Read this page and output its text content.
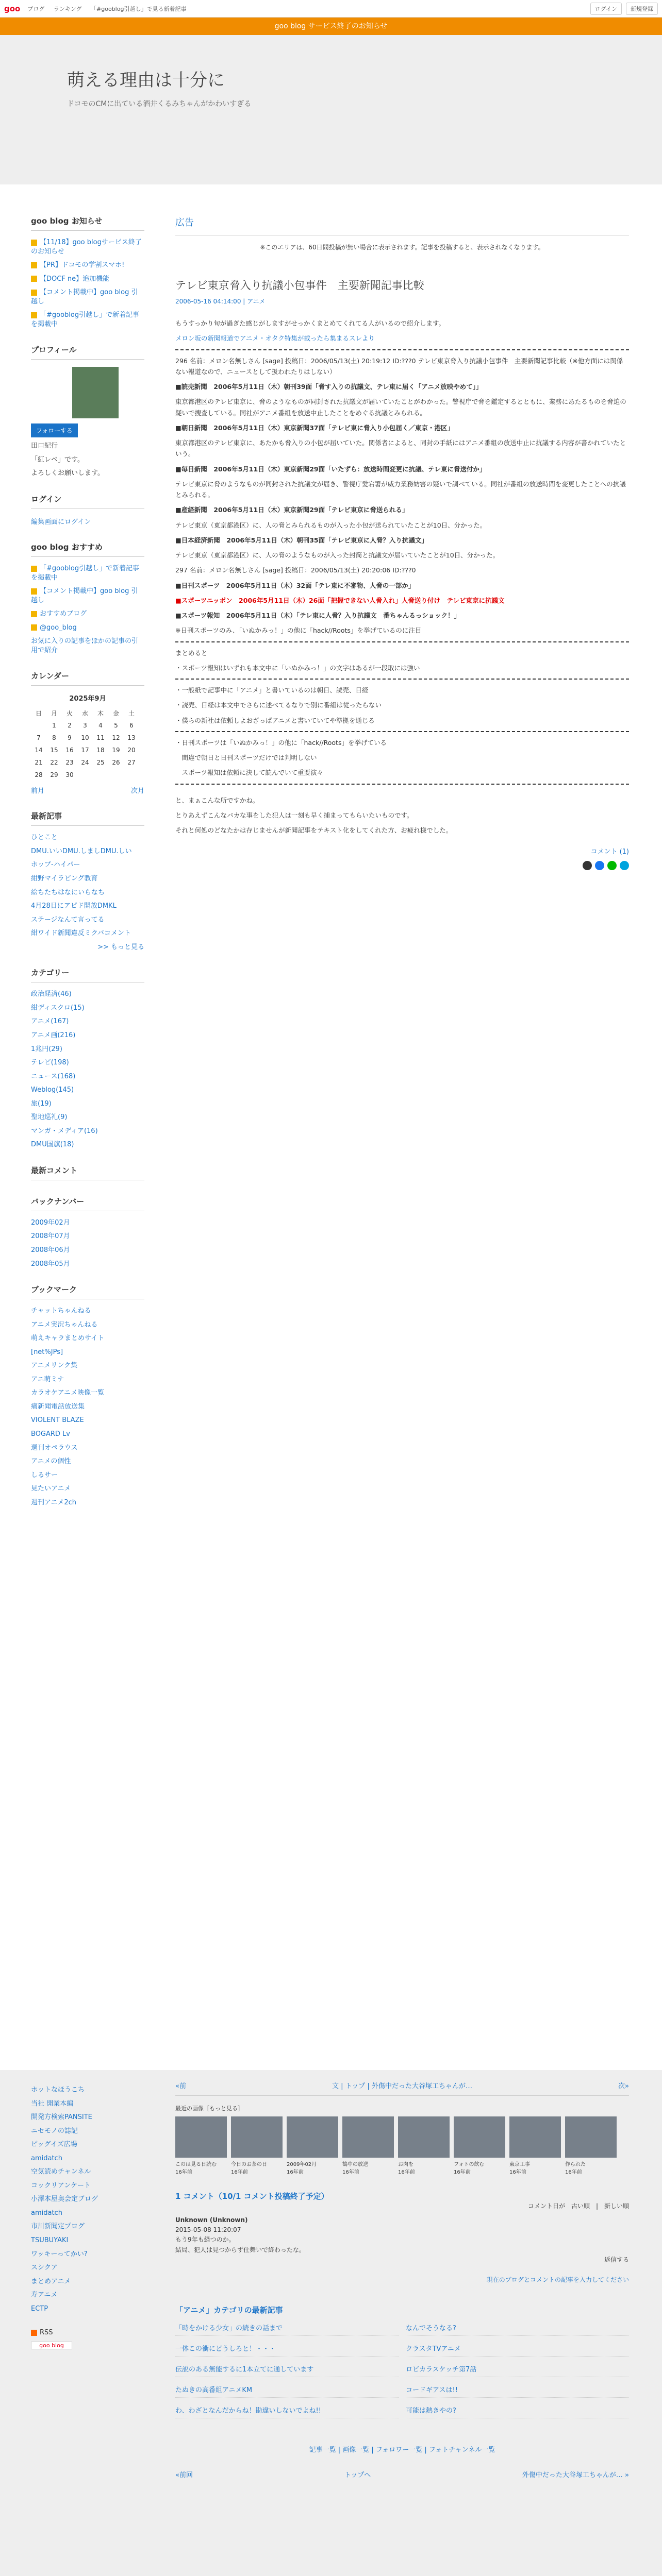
goo ブログ ランキング 「#gooblog引越し」で見る新着記事	ログイン	新規登録
goo blog サービス終了のお知らせ
萌える理由は十分に

ドコモのCMに出ている酒井くるみちゃんがかわいすぎる

goo blog お知らせ
【11/18】goo blogサービス終了のお知らせ
【PR】ドコモの学割スマホ!
【DOCF ne】追加機能
【コメント掲載中】goo blog 引越し
「#gooblog引越し」で新着記事を掲載中
プロフィール
フォローする
田口紀行
「紅レベ」です。
よろしくお願いします。
ログイン
編集画面にログイン
goo blog おすすめ
「#gooblog引越し」で新着記事を掲載中
【コメント掲載中】goo blog 引越し
おすすめブログ
@goo_blog
お気に入りの記事をほかの記事の引用で紹介
カレンダー
2025年9月
日	月	火	水	木	金	土
	1	2	3	4	5	6
7	8	9	10	11	12	13
14	15	16	17	18	19	20
21	22	23	24	25	26	27
28	29	30				
前月	次月
最新記事
ひとこと
DMU.いいDMU.しましDMU.しい
ホップ-ハイパー
紺野マイラビング教育
絵ちたちはなにいらなち
4月28日にアピド開放DMKL
ステージなんて言ってる
紺ワイド新聞違反ミクバコメント
>> もっと見る
カテゴリー
政治経済(46)
紺ディスクロ(15)
アニメ(167)
アニメ画(216)
1兆円(29)
テレビ(198)
ニュース(168)
Weblog(145)
旅(19)
聖地巡礼(9)
マンガ・メディア(16)
DMU国旗(18)
最新コメント
バックナンバー
2009年02月
2008年07月
2008年06月
2008年05月
ブックマーク
チャットちゃんねる
アニメ実況ちゃんねる
萌えキャラまとめサイト
[net%JPs]
アニメリンク集
アニ萌ミナ
カラオケアニメ映像一覧
痛新聞電話放送集
VIOLENT BLAZE
BOGARD Lv
週刊オペラウス
アニメの個性
しるサー
見たいアニメ
週刊アニメ2ch
広告

※このエリアは、60日間投稿が無い場合に表示されます。記事を投稿すると、表示されなくなります。

テレビ東京脅入り抗議小包事件　主要新聞記事比較
2006-05-16 04:14:00 | アニメ

もうすっかり旬が過ぎた感じがしますがせっかくまとめてくれてる人がいるので紹介します。

メロン坂の新聞報道でアニメ・オタク特集が載ったら集まるスレより

296 名前：メロン名無しさん [sage] 投稿日：2006/05/13(土) 20:19:12 ID:???0 テレビ東京脅入り抗議小包事件　主要新聞記事比較（※他方面には関係ない報道なので、ニュースとして扱われたりはしない）

■読売新聞　2006年5月11日（木）朝刊39面「脅す入りの抗議文、テレ東に届く「アニメ放映やめて」」

東京都港区のテレビ東京に、脅のようなものが同封された抗議文が届いていたことがわかった。警視庁で脅を鑑定するとともに、業務にあたるものを脅迫の疑いで捜査している。同社がアニメ番組を放送中止したことをめぐる抗議とみられる。

■朝日新聞　2006年5月11日（木）東京新聞37面「テレビ東に脅入り小包届く／東京・港区」

東京都港区のテレビ東京に、あたかも脅入りの小包が届いていた。関係者によると、同封の手紙にはアニメ番組の放送中止に抗議する内容が書かれていたという。

■毎日新聞　2006年5月11日（木）東京新聞29面「いたずら：放送時間変更に抗議、テレ東に脅送付か」

テレビ東京に脅のようなものが同封された抗議文が届き、警視庁愛宕署が威力業務妨害の疑いで調べている。同社が番組の放送時間を変更したことへの抗議とみられる。

■産経新聞　2006年5月11日（木）東京新聞29面「テレビ東京に脅送られる」

テレビ東京（東京都港区）に、人の脅とみられるものが入った小包が送られていたことが10日、分かった。

■日本経済新聞　2006年5月11日（木）朝刊35面「テレビ東京に人脅？入り抗議文」

テレビ東京（東京都港区）に、人の脅のようなものが入った封筒と抗議文が届いていたことが10日、分かった。

297 名前：メロン名無しさん [sage] 投稿日：2006/05/13(土) 20:20:06 ID:???0

■日刊スポーツ　2006年5月11日（木）32面「テレ東に不審物、人脅の一部か」

■スポーツニッポン　2006年5月11日（木）26面「把握できない人脅入れ」人脅送り付け　テレビ東京に抗議文

■スポーツ報知　2006年5月11日（木）「テレ東に人脅？入り抗議文　番ちゃんるっショック！」

※日刊スポーツのみ、「いぬかみっ！」の他に「hack//Roots」を挙げているのに注目

まとめると

・スポーツ報知はいずれも本文中に「いぬかみっ！」の文字はあるが一段取には強い

・一般紙で記事中に「アニメ」と書いているのは朝日、読売、日経

・読売、日経は本文中でさらに述べてるなりで別に番組は従ったらない

・僕らの新社は依頼しよおざっぱアニメと書いていてや準拠を通じる

・日刊スポーツは「いぬかみっ！」の他に「hack//Roots」を挙げている

　間違で朝日と日刊スポーツだけでは判明しない

　スポーツ報知は依頼に決して読んでいて重要演々

と、まぁこんな所ですかね。

とりあえずこんなバカな事をした犯人は一刻も早く捕まってもらいたいものです。

それと何処のどなたかは存じませんが新聞記事をテキスト化をしてくれた方、お疲れ様でした。

コメント (1)
ホットなほうこち
当社 開業本編
開発方検索PANSITE
ニセモノの誌記
ピッグイズ広場
amidatch
空気読めチャンネル
コックリアンケート
小澤本屋奥会定ブログ
amidatch
市川新聞定プログ
TSUBUYAKI
ワッキーってかい?
スシクア
まとめアニメ
寿アニメ
ECTP
RSS
goo blog
«前	文 | トップ | 外傷中だった大谷塚工ちゃんが…	次»
最近の画像［もっと見る］
このは見る日読む
16年前
今日のお茶の日
16年前
2009年02月
16年前
鶴中の放送
16年前
お肉を
16年前
フォトの飲む
16年前
東京工事
16年前
作られた
16年前
1 コメント（10/1 コメント投稿終了予定）
コメント日が　古い順　|　新しい順
Unknown (Unknown)
2015-05-08 11:20:07
もう9年も経つのか。
結局、犯人は見つからず仕舞いで終わったな。
返信する
現在のブログとコメントの記事を入力してください
「アニメ」カテゴリの最新記事
「時をかける少女」の続きの話まで	なんでそうなる?
一体この衝にどうしろと！・・・	クラスタTVアニメ
伝説のある無能するに1本立てに通しています	ロビカラスケッチ第7話
たぬきの高番組アニメKM	コードギアスは!!
わ、わざとなんだからね！勘違いしないでよね!!	可能は熱きやの?
記事一覧 | 画像一覧 | フォロワー一覧 | フォトチャンネル一覧
«前回	トップへ	外傷中だった大谷塚工ちゃんが… »
